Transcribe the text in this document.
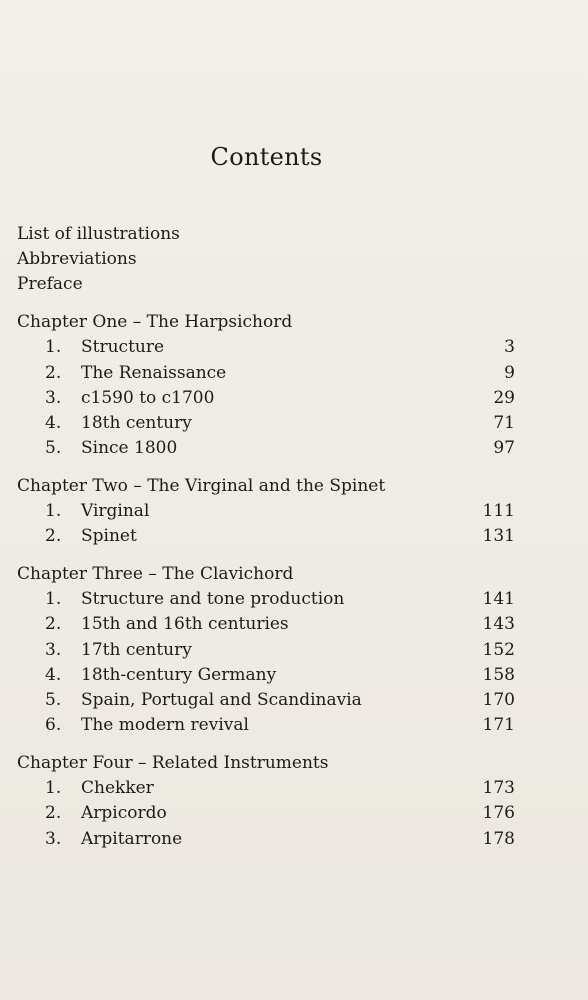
Contents
List of illustrations
Abbreviations
Preface
Chapter One – The Harpsichord
1.	Structure	3
2.	The Renaissance	9
3.	c1590 to c1700	29
4.	18th century	71
5.	Since 1800	97
Chapter Two – The Virginal and the Spinet
1.	Virginal	111
2.	Spinet	131
Chapter Three – The Clavichord
1.	Structure and tone production	141
2.	15th and 16th centuries	143
3.	17th century	152
4.	18th-century Germany	158
5.	Spain, Portugal and Scandinavia	170
6.	The modern revival	171
Chapter Four – Related Instruments
1.	Chekker	173
2.	Arpicordo	176
3.	Arpitarrone	178
